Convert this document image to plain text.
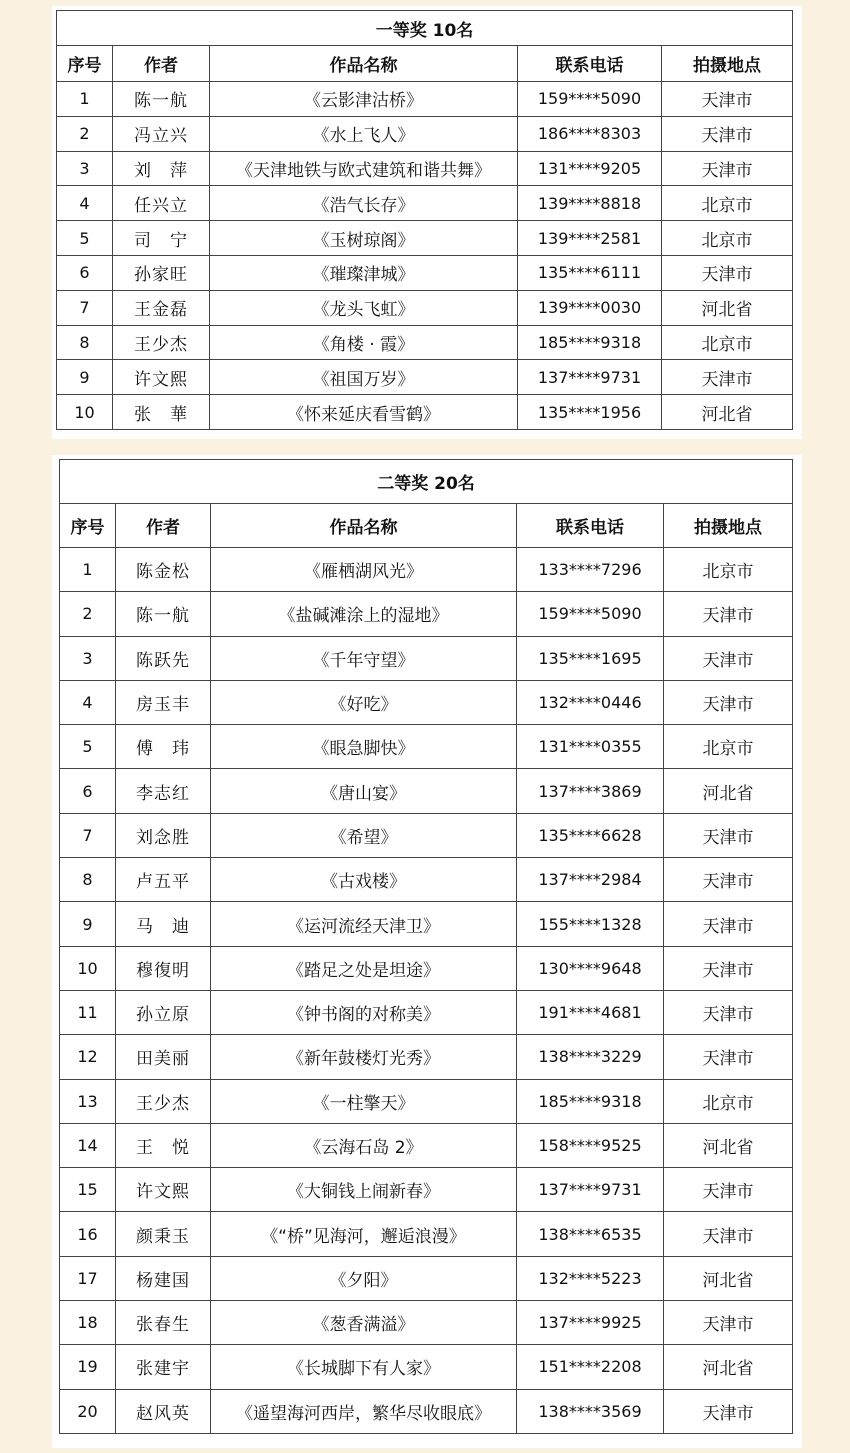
一等奖 10名				
序号	作者	作品名称	联系电话	拍摄地点
1	陈一航	《云影津沽桥》	159****5090	天津市
2	冯立兴	《水上飞人》	186****8303	天津市
3	刘　萍	《天津地铁与欧式建筑和谐共舞》	131****9205	天津市
4	任兴立	《浩气长存》	139****8818	北京市
5	司　宁	《玉树琼阁》	139****2581	北京市
6	孙家旺	《璀璨津城》	135****6111	天津市
7	王金磊	《龙头飞虹》	139****0030	河北省
8	王少杰	《角楼 · 霞》	185****9318	北京市
9	许文熙	《祖国万岁》	137****9731	天津市
10	张　華	《怀来延庆看雪鹤》	135****1956	河北省
二等奖 20名				
序号	作者	作品名称	联系电话	拍摄地点
1	陈金松	《雁栖湖风光》	133****7296	北京市
2	陈一航	《盐碱滩涂上的湿地》	159****5090	天津市
3	陈跃先	《千年守望》	135****1695	天津市
4	房玉丰	《好吃》	132****0446	天津市
5	傅　玮	《眼急脚快》	131****0355	北京市
6	李志红	《唐山宴》	137****3869	河北省
7	刘念胜	《希望》	135****6628	天津市
8	卢五平	《古戏楼》	137****2984	天津市
9	马　迪	《运河流经天津卫》	155****1328	天津市
10	穆復明	《踏足之处是坦途》	130****9648	天津市
11	孙立原	《钟书阁的对称美》	191****4681	天津市
12	田美丽	《新年鼓楼灯光秀》	138****3229	天津市
13	王少杰	《一柱擎天》	185****9318	北京市
14	王　悦	《云海石岛 2》	158****9525	河北省
15	许文熙	《大铜钱上闹新春》	137****9731	天津市
16	颜秉玉	《“桥”见海河，邂逅浪漫》	138****6535	天津市
17	杨建国	《夕阳》	132****5223	河北省
18	张春生	《葱香满溢》	137****9925	天津市
19	张建宇	《长城脚下有人家》	151****2208	河北省
20	赵风英	《遥望海河西岸，繁华尽收眼底》	138****3569	天津市
